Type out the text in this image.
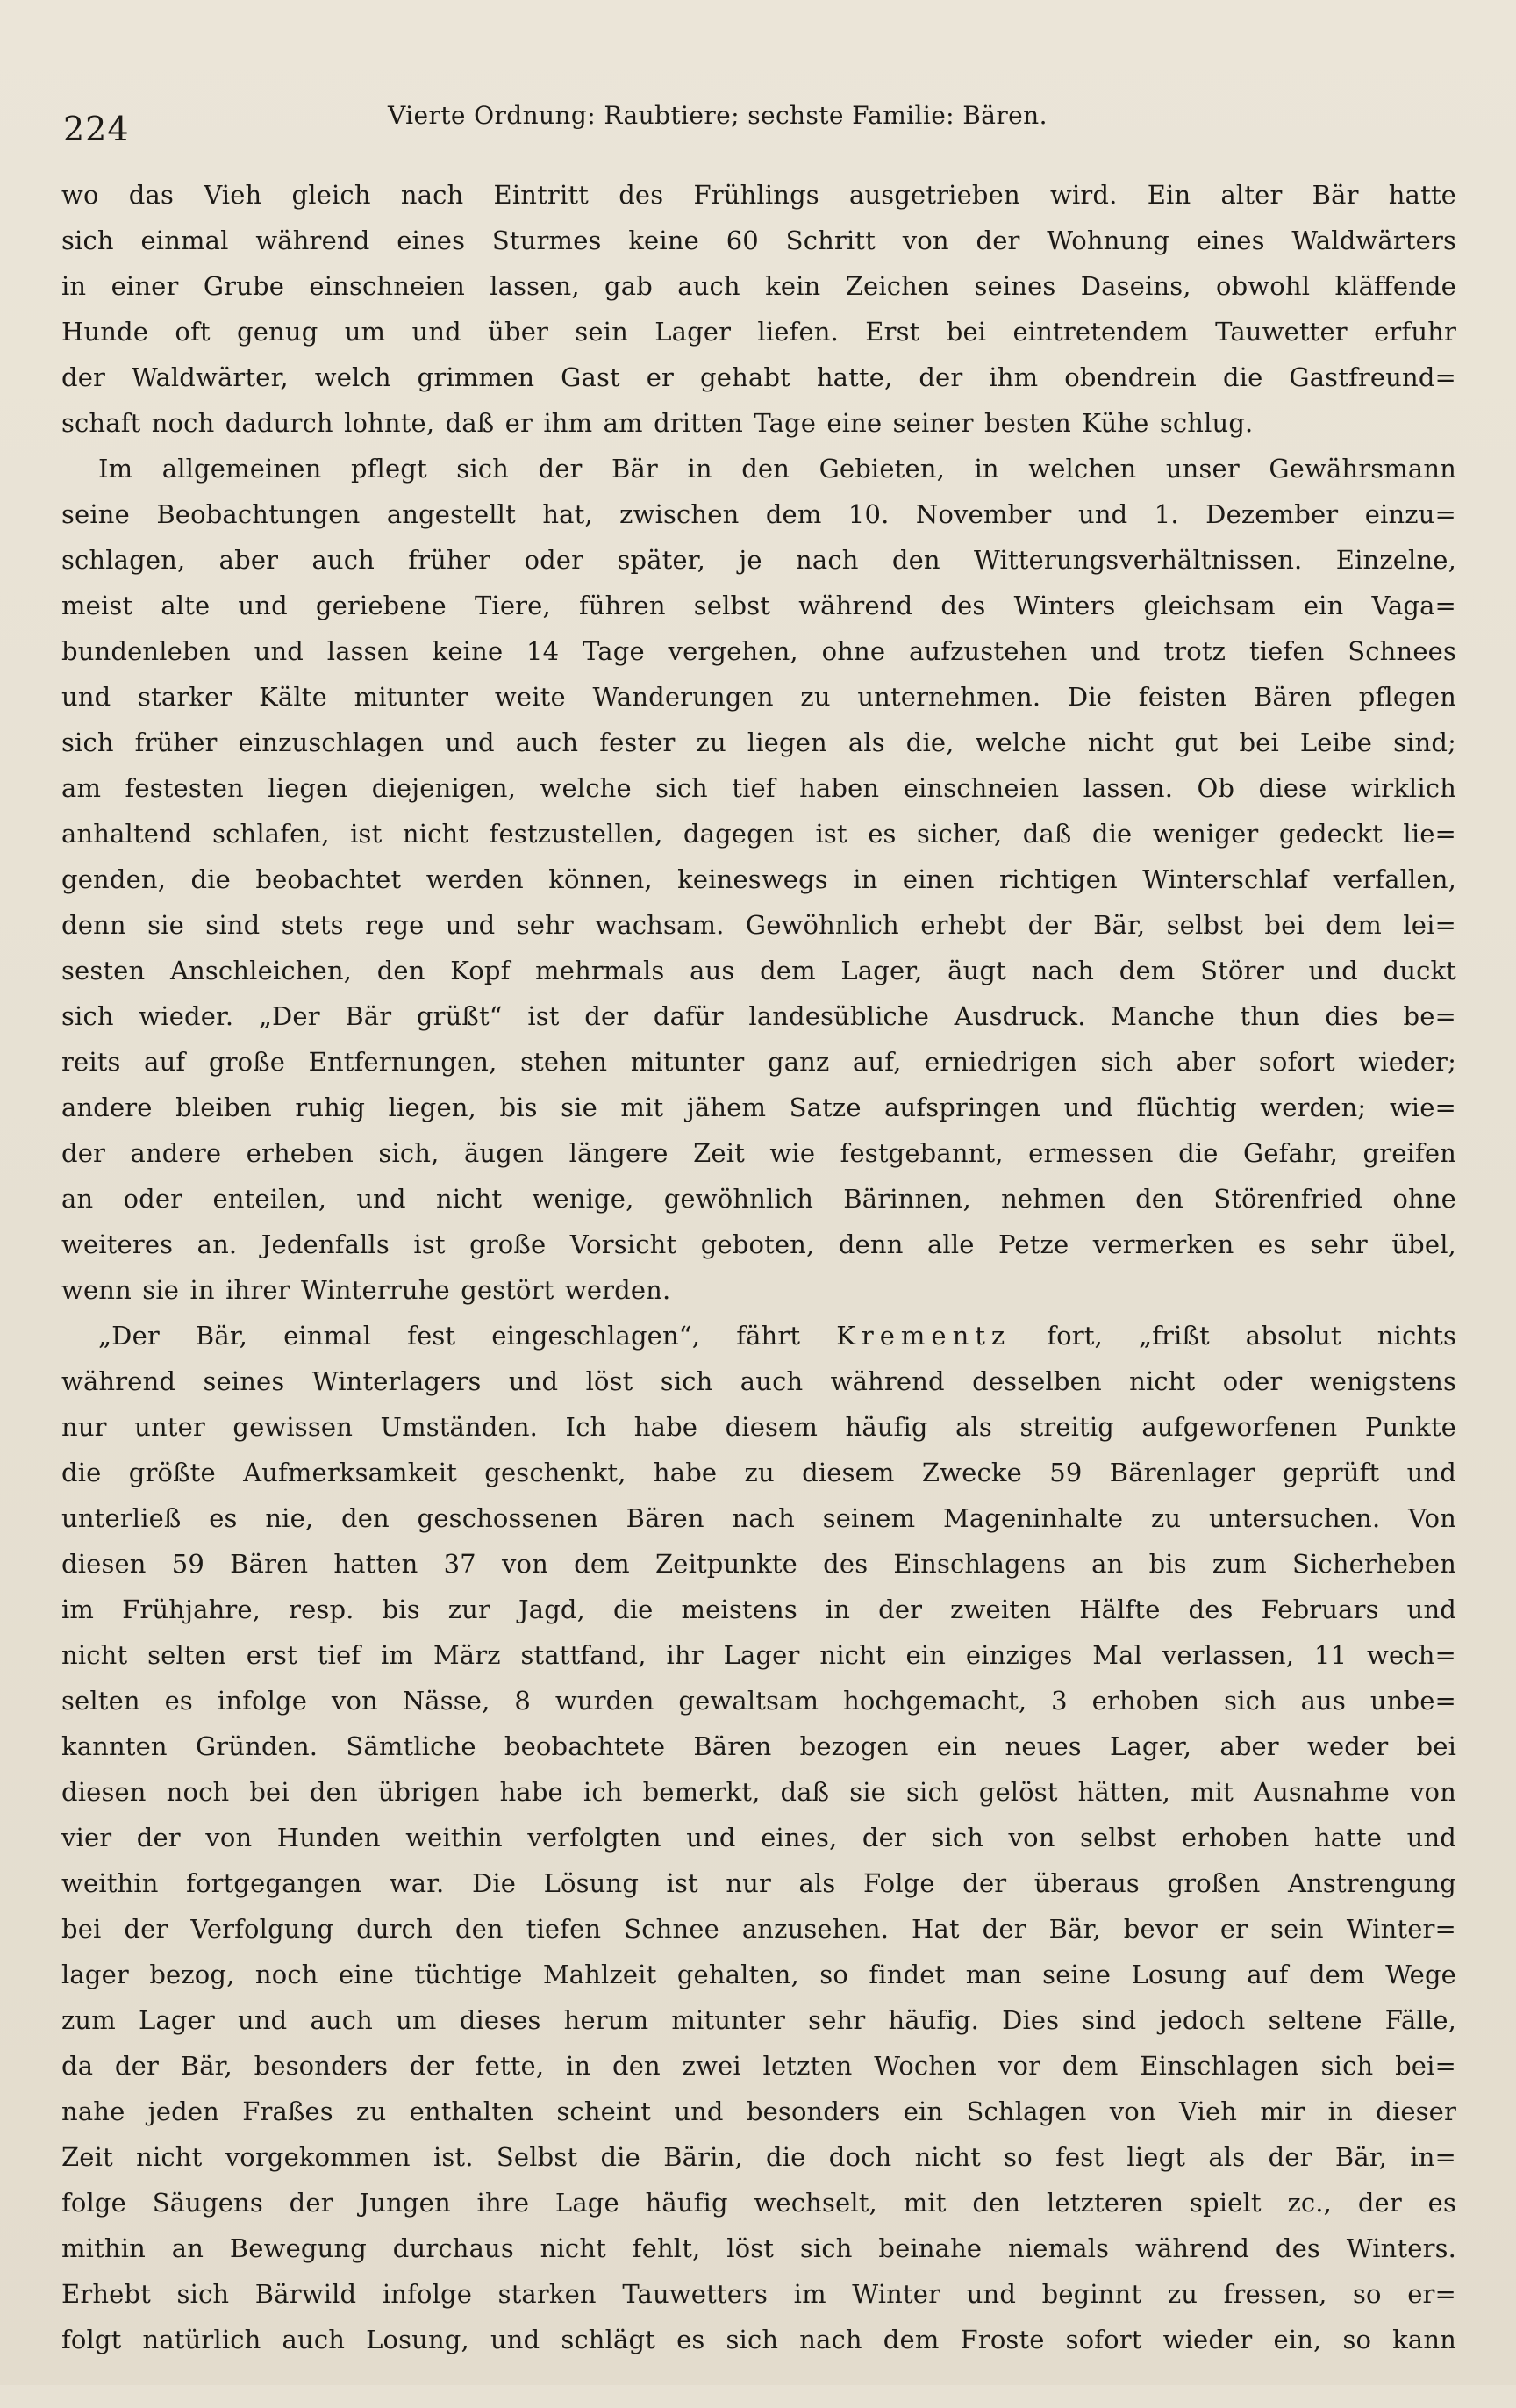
224	Vierte Ordnung: Raubtiere; sechste Familie: Bären.
wo das Vieh gleich nach Eintritt des Frühlings ausgetrieben wird. Ein alter Bär hatte
sich einmal während eines Sturmes keine 60 Schritt von der Wohnung eines Waldwärters
in einer Grube einschneien lassen, gab auch kein Zeichen seines Daseins, obwohl kläffende
Hunde oft genug um und über sein Lager liefen. Erst bei eintretendem Tauwetter erfuhr
der Waldwärter, welch grimmen Gast er gehabt hatte, der ihm obendrein die Gastfreund=
schaft noch dadurch lohnte, daß er ihm am dritten Tage eine seiner besten Kühe schlug.
Im allgemeinen pflegt sich der Bär in den Gebieten, in welchen unser Gewährsmann
seine Beobachtungen angestellt hat, zwischen dem 10. November und 1. Dezember einzu=
schlagen, aber auch früher oder später, je nach den Witterungsverhältnissen. Einzelne,
meist alte und geriebene Tiere, führen selbst während des Winters gleichsam ein Vaga=
bundenleben und lassen keine 14 Tage vergehen, ohne aufzustehen und trotz tiefen Schnees
und starker Kälte mitunter weite Wanderungen zu unternehmen. Die feisten Bären pflegen
sich früher einzuschlagen und auch fester zu liegen als die, welche nicht gut bei Leibe sind;
am festesten liegen diejenigen, welche sich tief haben einschneien lassen. Ob diese wirklich
anhaltend schlafen, ist nicht festzustellen, dagegen ist es sicher, daß die weniger gedeckt lie=
genden, die beobachtet werden können, keineswegs in einen richtigen Winterschlaf verfallen,
denn sie sind stets rege und sehr wachsam. Gewöhnlich erhebt der Bär, selbst bei dem lei=
sesten Anschleichen, den Kopf mehrmals aus dem Lager, äugt nach dem Störer und duckt
sich wieder. „Der Bär grüßt“ ist der dafür landesübliche Ausdruck. Manche thun dies be=
reits auf große Entfernungen, stehen mitunter ganz auf, erniedrigen sich aber sofort wieder;
andere bleiben ruhig liegen, bis sie mit jähem Satze aufspringen und flüchtig werden; wie=
der andere erheben sich, äugen längere Zeit wie festgebannt, ermessen die Gefahr, greifen
an oder enteilen, und nicht wenige, gewöhnlich Bärinnen, nehmen den Störenfried ohne
weiteres an. Jedenfalls ist große Vorsicht geboten, denn alle Petze vermerken es sehr übel,
wenn sie in ihrer Winterruhe gestört werden.
„Der Bär, einmal fest eingeschlagen“, fährt Krementz fort, „frißt absolut nichts
während seines Winterlagers und löst sich auch während desselben nicht oder wenigstens
nur unter gewissen Umständen. Ich habe diesem häufig als streitig aufgeworfenen Punkte
die größte Aufmerksamkeit geschenkt, habe zu diesem Zwecke 59 Bärenlager geprüft und
unterließ es nie, den geschossenen Bären nach seinem Mageninhalte zu untersuchen. Von
diesen 59 Bären hatten 37 von dem Zeitpunkte des Einschlagens an bis zum Sicherheben
im Frühjahre, resp. bis zur Jagd, die meistens in der zweiten Hälfte des Februars und
nicht selten erst tief im März stattfand, ihr Lager nicht ein einziges Mal verlassen, 11 wech=
selten es infolge von Nässe, 8 wurden gewaltsam hochgemacht, 3 erhoben sich aus unbe=
kannten Gründen. Sämtliche beobachtete Bären bezogen ein neues Lager, aber weder bei
diesen noch bei den übrigen habe ich bemerkt, daß sie sich gelöst hätten, mit Ausnahme von
vier der von Hunden weithin verfolgten und eines, der sich von selbst erhoben hatte und
weithin fortgegangen war. Die Lösung ist nur als Folge der überaus großen Anstrengung
bei der Verfolgung durch den tiefen Schnee anzusehen. Hat der Bär, bevor er sein Winter=
lager bezog, noch eine tüchtige Mahlzeit gehalten, so findet man seine Losung auf dem Wege
zum Lager und auch um dieses herum mitunter sehr häufig. Dies sind jedoch seltene Fälle,
da der Bär, besonders der fette, in den zwei letzten Wochen vor dem Einschlagen sich bei=
nahe jeden Fraßes zu enthalten scheint und besonders ein Schlagen von Vieh mir in dieser
Zeit nicht vorgekommen ist. Selbst die Bärin, die doch nicht so fest liegt als der Bär, in=
folge Säugens der Jungen ihre Lage häufig wechselt, mit den letzteren spielt zc., der es
mithin an Bewegung durchaus nicht fehlt, löst sich beinahe niemals während des Winters.
Erhebt sich Bärwild infolge starken Tauwetters im Winter und beginnt zu fressen, so er=
folgt natürlich auch Losung, und schlägt es sich nach dem Froste sofort wieder ein, so kann
